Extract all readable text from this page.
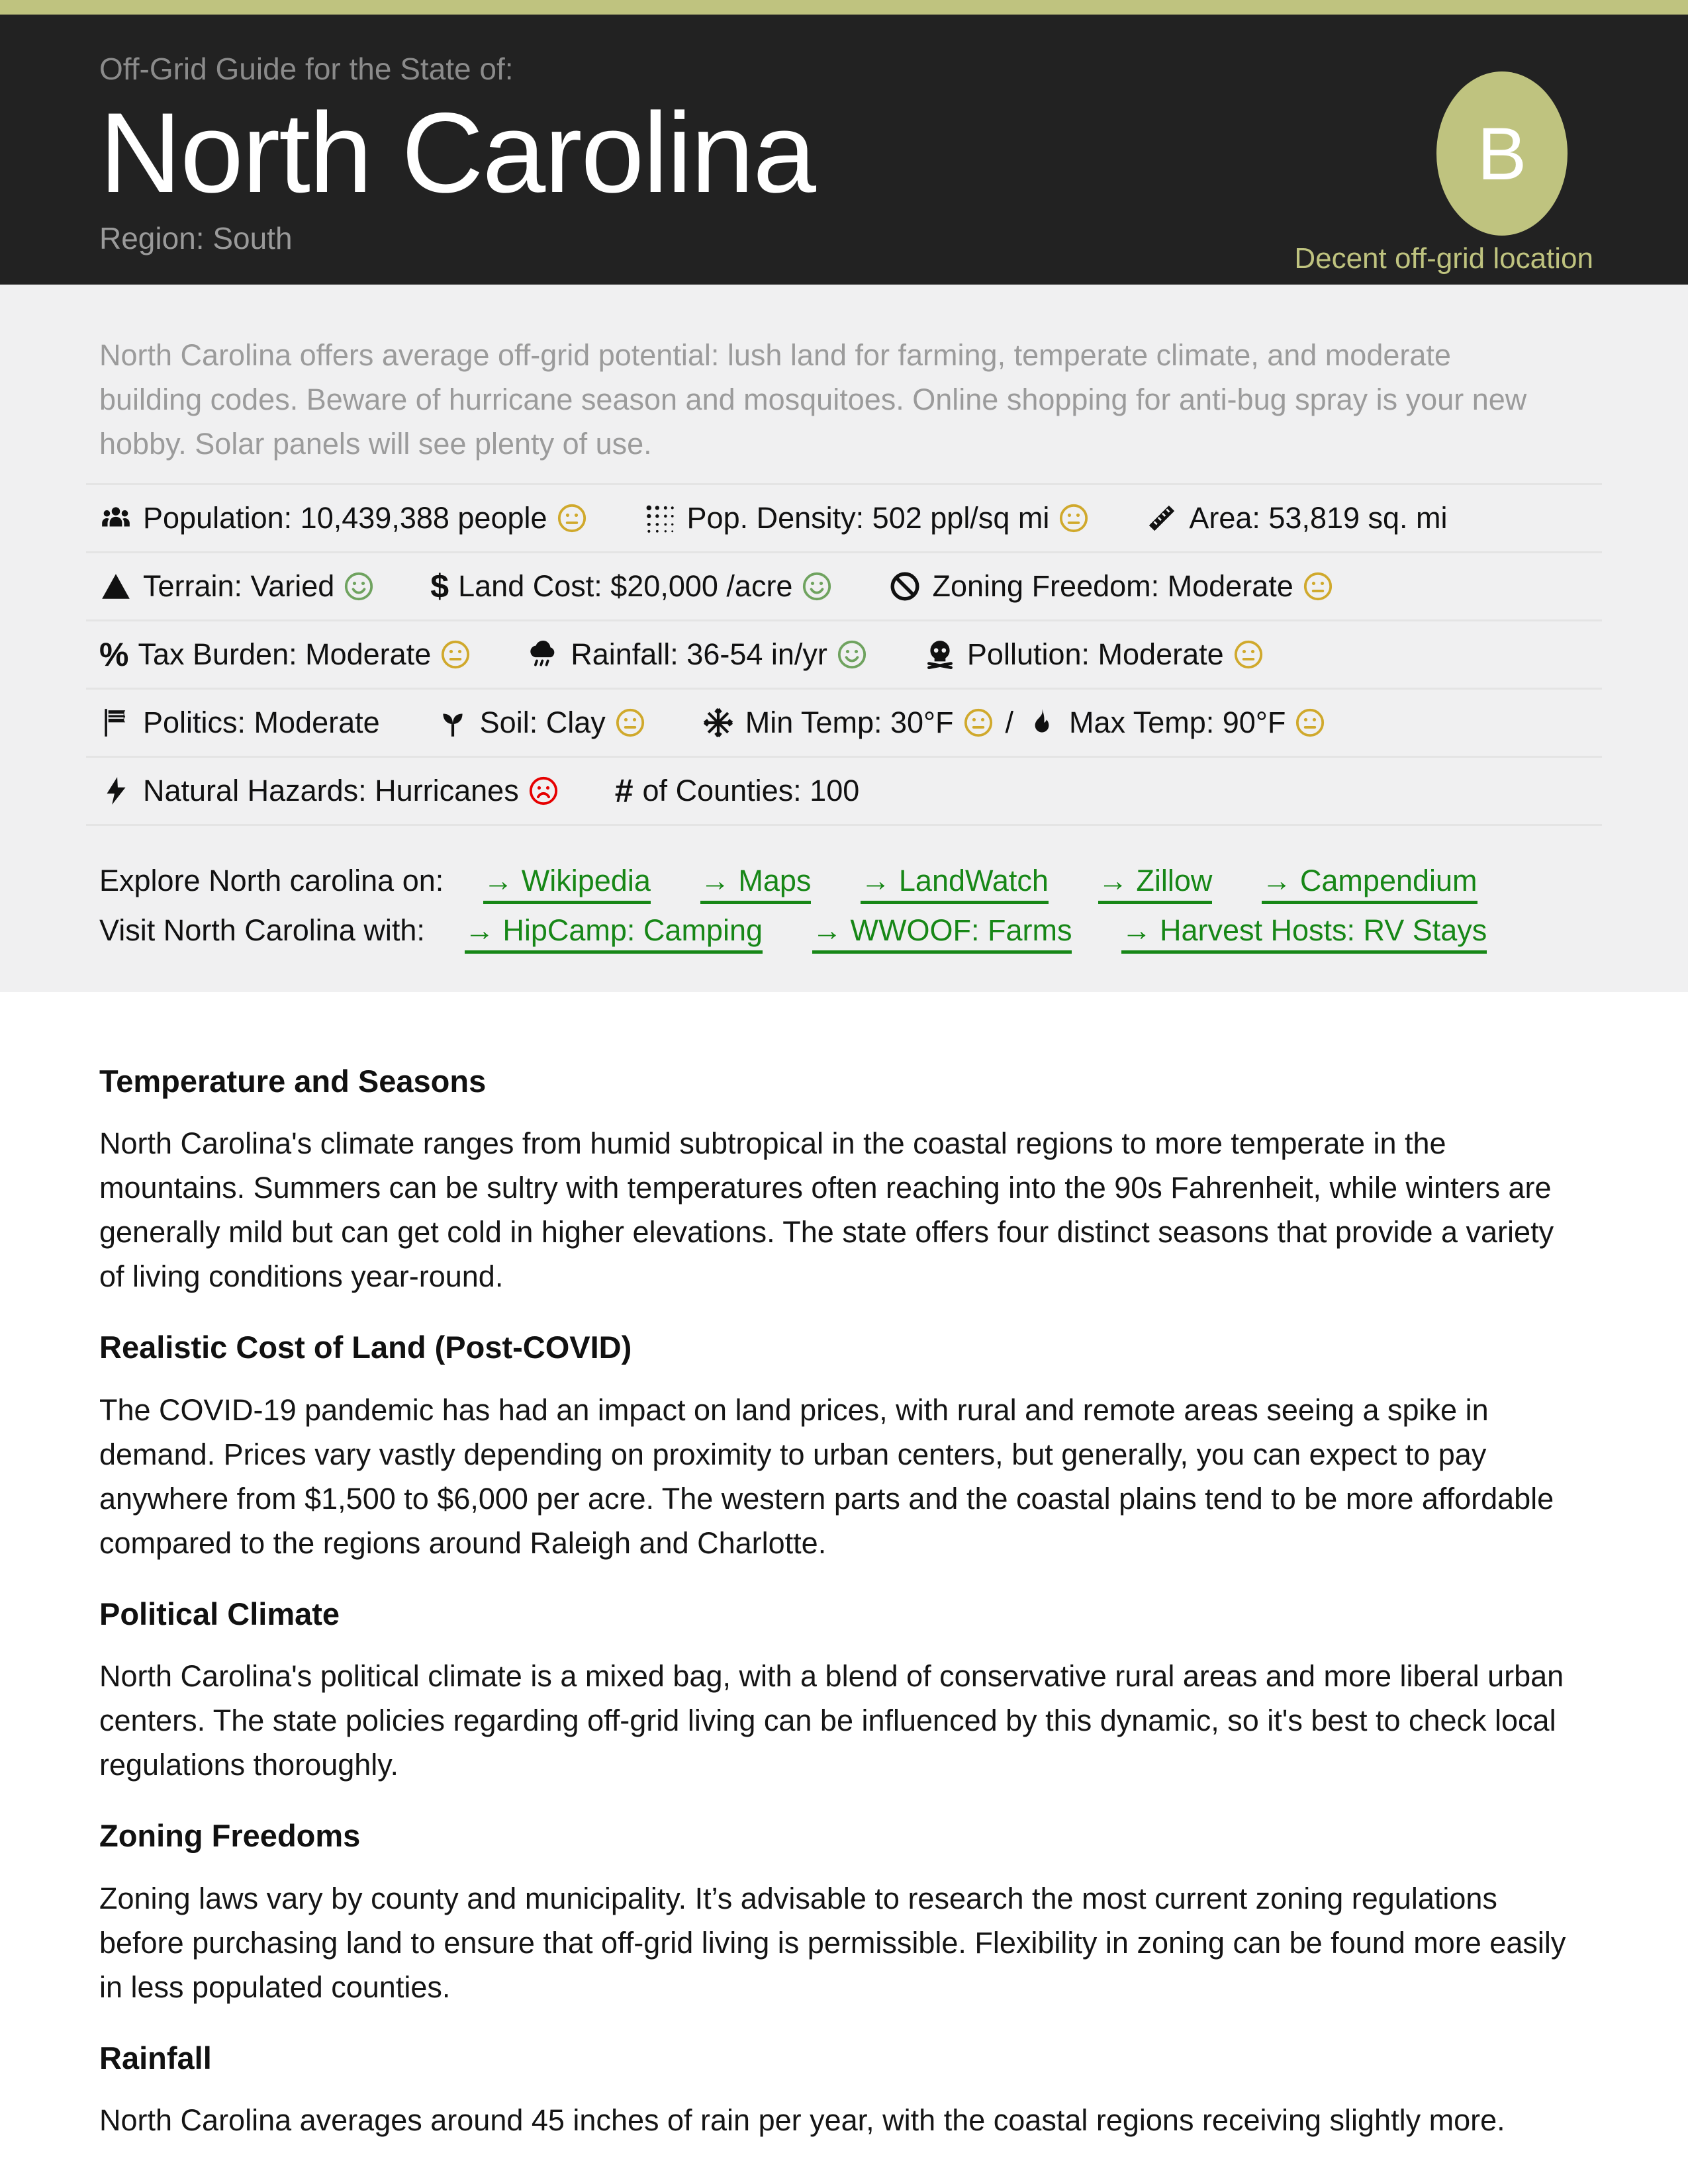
Off-Grid Guide for the State of:
North Carolina
Region: South
B
Decent off-grid location

North Carolina offers average off-grid potential: lush land for farming, temperate climate, and moderate building codes. Beware of hurricane season and mosquitoes. Online shopping for anti-bug spray is your new hobby. Solar panels will see plenty of use.

Population: 10,439,388 people	Pop. Density: 502 ppl/sq mi	Area: 53,819 sq. mi
Terrain: Varied	$ Land Cost: $20,000 /acre	Zoning Freedom: Moderate
% Tax Burden: Moderate	Rainfall: 36-54 in/yr	Pollution: Moderate
Politics: Moderate	Soil: Clay	Min Temp: 30°F / Max Temp: 90°F
Natural Hazards: Hurricanes	# of Counties: 100
Explore North carolina on: → Wikipedia → Maps → LandWatch → Zillow → Campendium
Visit North Carolina with: → HipCamp: Camping → WWOOF: Farms → Harvest Hosts: RV Stays
Temperature and Seasons

North Carolina's climate ranges from humid subtropical in the coastal regions to more temperate in the mountains. Summers can be sultry with temperatures often reaching into the 90s Fahrenheit, while winters are generally mild but can get cold in higher elevations. The state offers four distinct seasons that provide a variety of living conditions year-round.

Realistic Cost of Land (Post-COVID)

The COVID-19 pandemic has had an impact on land prices, with rural and remote areas seeing a spike in demand. Prices vary vastly depending on proximity to urban centers, but generally, you can expect to pay anywhere from $1,500 to $6,000 per acre. The western parts and the coastal plains tend to be more affordable compared to the regions around Raleigh and Charlotte.

Political Climate

North Carolina's political climate is a mixed bag, with a blend of conservative rural areas and more liberal urban centers. The state policies regarding off-grid living can be influenced by this dynamic, so it's best to check local regulations thoroughly.

Zoning Freedoms

Zoning laws vary by county and municipality. It’s advisable to research the most current zoning regulations before purchasing land to ensure that off-grid living is permissible. Flexibility in zoning can be found more easily in less populated counties.

Rainfall

North Carolina averages around 45 inches of rain per year, with the coastal regions receiving slightly more.
